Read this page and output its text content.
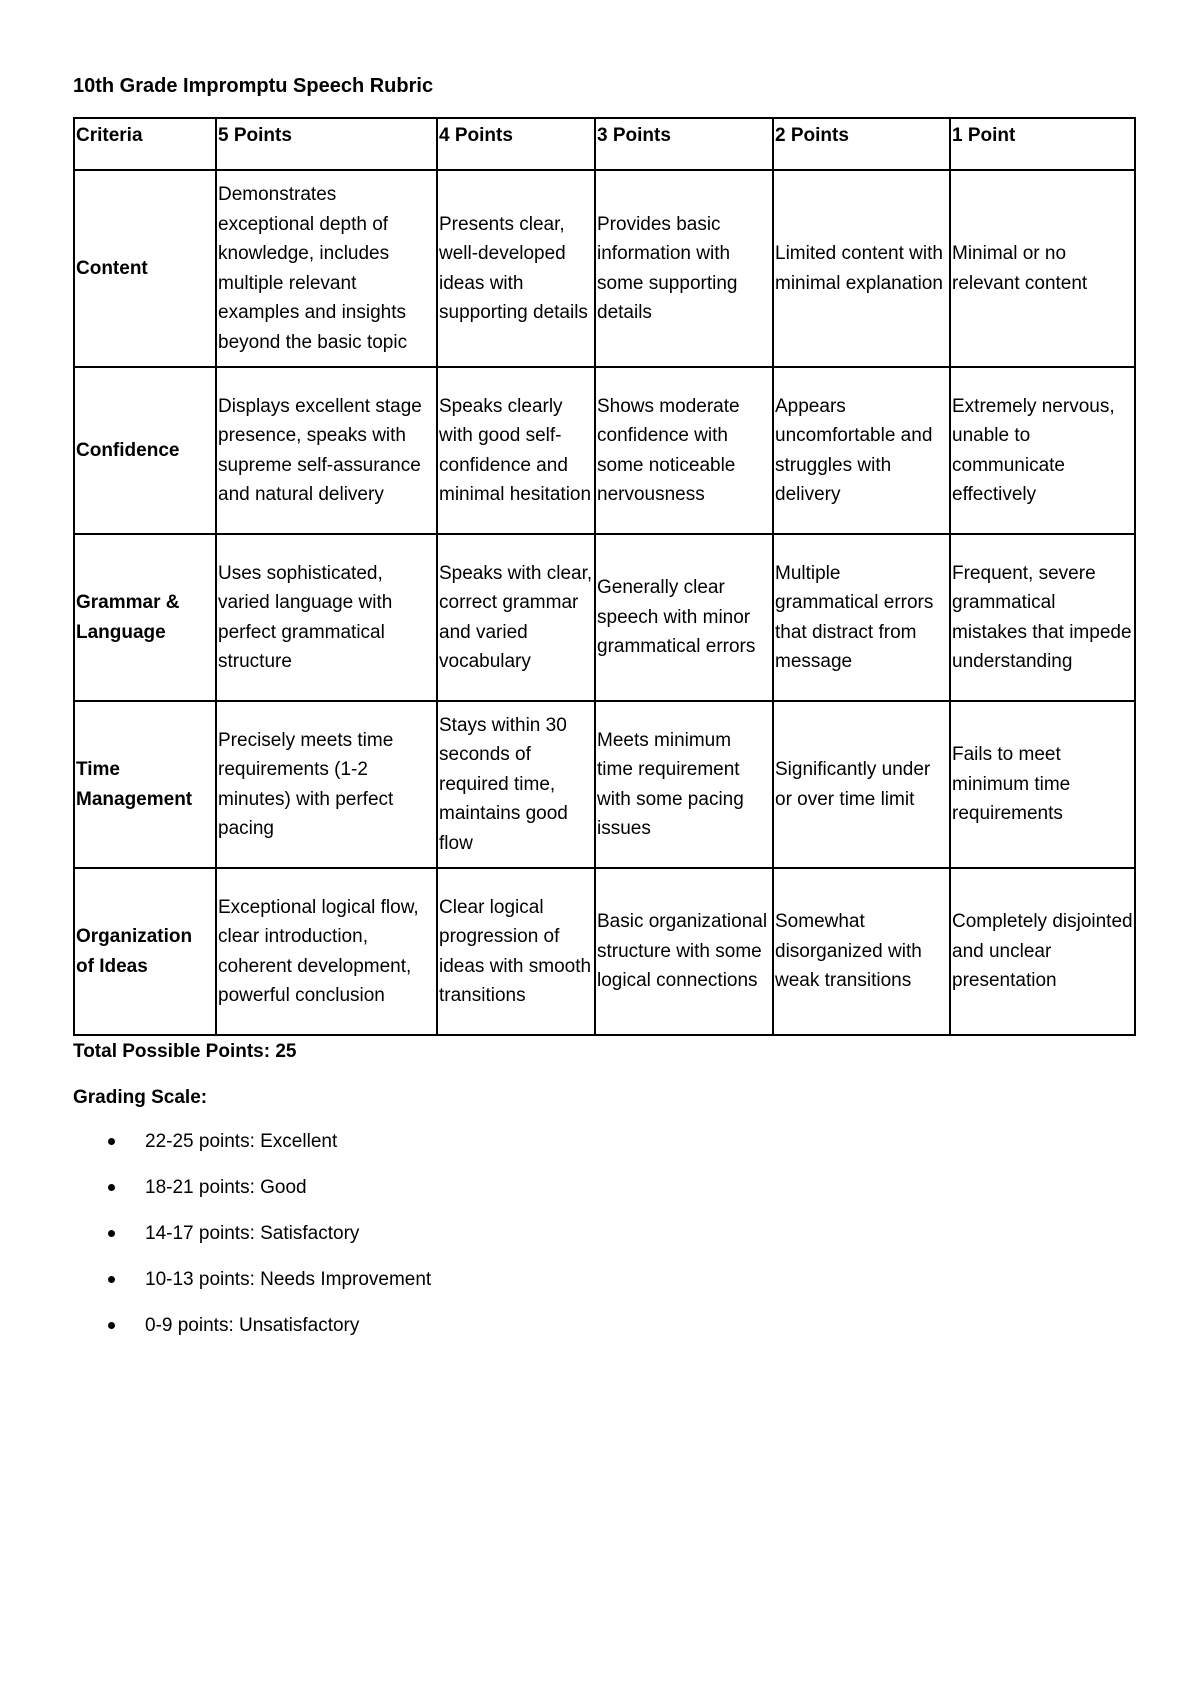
10th Grade Impromptu Speech Rubric
Criteria	5 Points	4 Points	3 Points	2 Points	1 Point
Content	Demonstrates exceptional depth of knowledge, includes multiple relevant examples and insights beyond the basic topic	Presents clear, well-developed ideas with supporting details	Provides basic information with some supporting details	Limited content with minimal explanation	Minimal or no relevant content
Confidence	Displays excellent stage presence, speaks with supreme self-assurance and natural delivery	Speaks clearly with good self-confidence and minimal hesitation	Shows moderate confidence with some noticeable nervousness	Appears uncomfortable and struggles with delivery	Extremely nervous, unable to communicate effectively
Grammar & Language	Uses sophisticated, varied language with perfect grammatical structure	Speaks with clear, correct grammar and varied vocabulary	Generally clear speech with minor grammatical errors	Multiple grammatical errors that distract from message	Frequent, severe grammatical mistakes that impede understanding
Time Management	Precisely meets time requirements (1-2 minutes) with perfect pacing	Stays within 30 seconds of required time, maintains good flow	Meets minimum time requirement with some pacing issues	Significantly under or over time limit	Fails to meet minimum time requirements
Organization of Ideas	Exceptional logical flow, clear introduction, coherent development, powerful conclusion	Clear logical progression of ideas with smooth transitions	Basic organizational structure with some logical connections	Somewhat disorganized with weak transitions	Completely disjointed and unclear presentation
Total Possible Points: 25
Grading Scale:
22-25 points: Excellent
18-21 points: Good
14-17 points: Satisfactory
10-13 points: Needs Improvement
0-9 points: Unsatisfactory
